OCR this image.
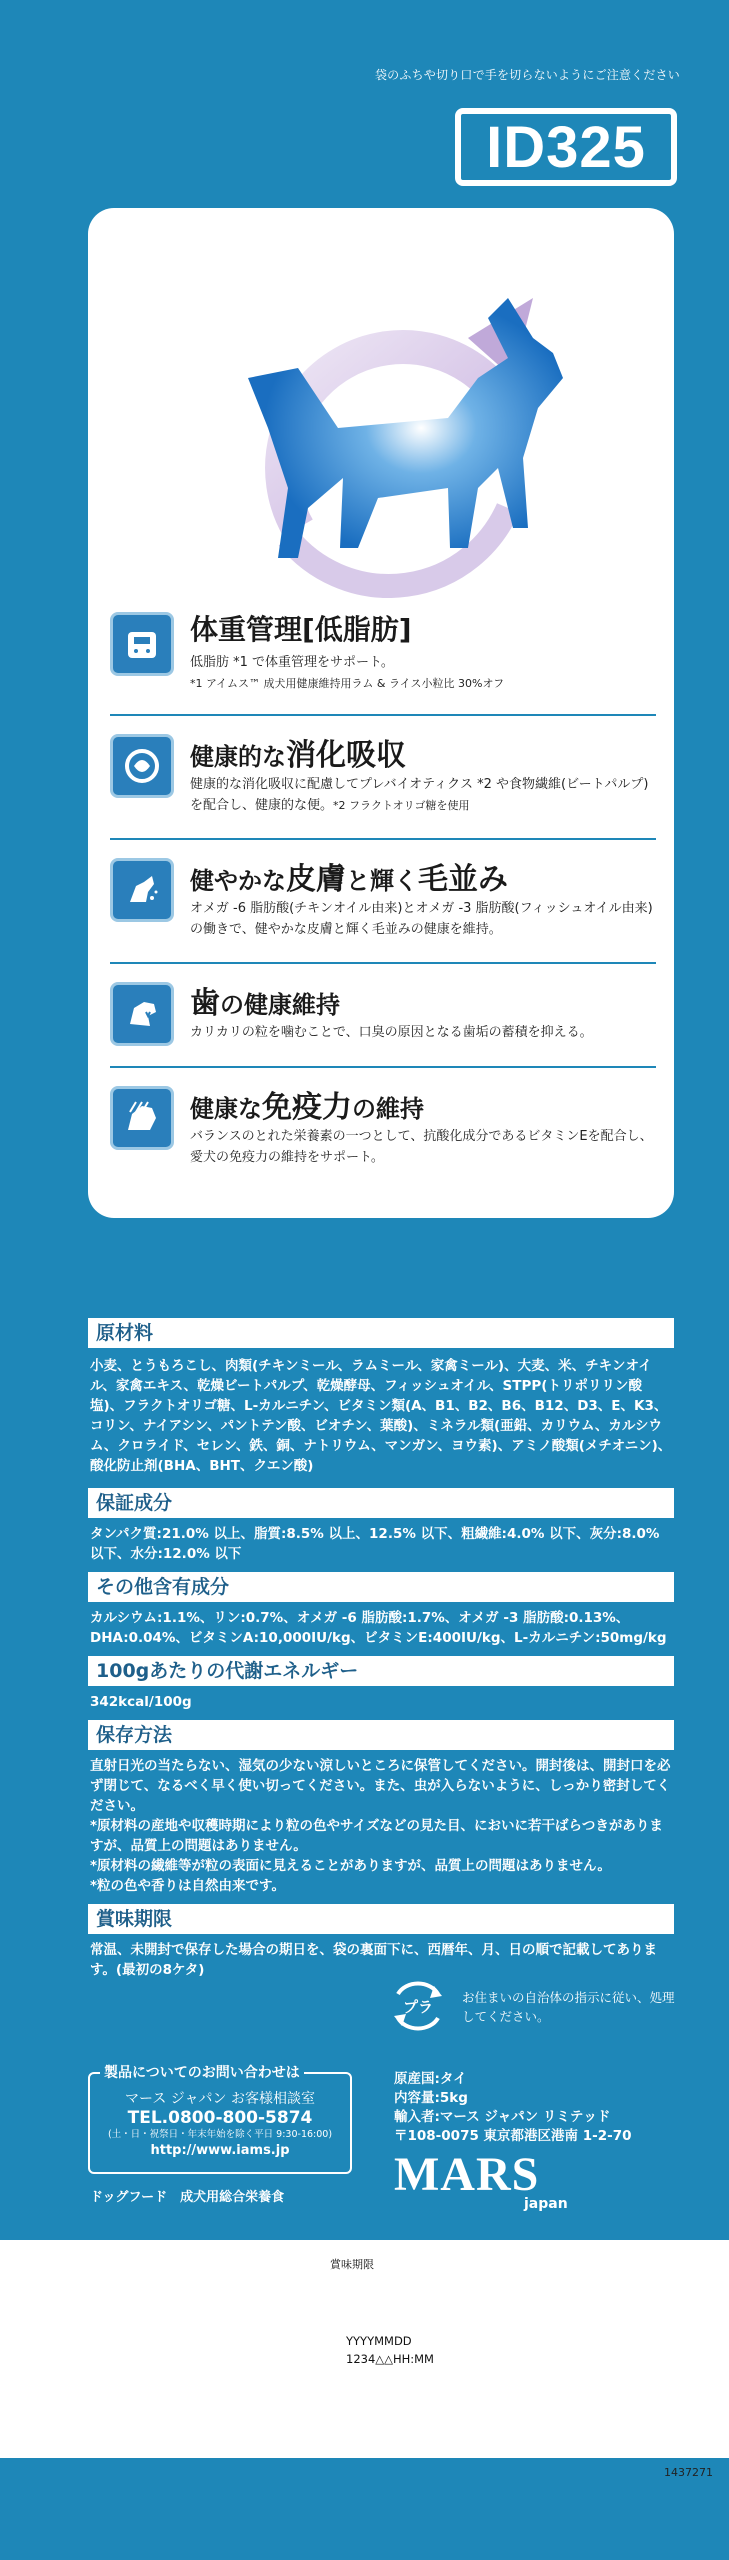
袋のふちや切り口で手を切らないようにご注意ください
ID325
体重管理[低脂肪]
低脂肪 *1 で体重管理をサポート。
*1 アイムス™ 成犬用健康維持用ラム & ライス小粒比 30%オフ
健康的な消化吸収
健康的な消化吸収に配慮してプレバイオティクス *2 や食物繊維(ビートパルプ)を配合し、健康的な便。*2 フラクトオリゴ糖を使用
健やかな皮膚と輝く毛並み
オメガ -6 脂肪酸(チキンオイル由来)とオメガ -3 脂肪酸(フィッシュオイル由来)の働きで、健やかな皮膚と輝く毛並みの健康を維持。
歯の健康維持
カリカリの粒を噛むことで、口臭の原因となる歯垢の蓄積を抑える。
健康な免疫力の維持
バランスのとれた栄養素の一つとして、抗酸化成分であるビタミンEを配合し、愛犬の免疫力の維持をサポート。
原材料
小麦、とうもろこし、肉類(チキンミール、ラムミール、家禽ミール)、大麦、米、チキンオイル、家禽エキス、乾燥ビートパルプ、乾燥酵母、フィッシュオイル、STPP(トリポリリン酸塩)、フラクトオリゴ糖、L-カルニチン、ビタミン類(A、B1、B2、B6、B12、D3、E、K3、コリン、ナイアシン、パントテン酸、ビオチン、葉酸)、ミネラル類(亜鉛、カリウム、カルシウム、クロライド、セレン、鉄、銅、ナトリウム、マンガン、ヨウ素)、アミノ酸類(メチオニン)、酸化防止剤(BHA、BHT、クエン酸)
保証成分
タンパク質:21.0% 以上、脂質:8.5% 以上、12.5% 以下、粗繊維:4.0% 以下、灰分:8.0% 以下、水分:12.0% 以下
その他含有成分
カルシウム:1.1%、リン:0.7%、オメガ -6 脂肪酸:1.7%、オメガ -3 脂肪酸:0.13%、DHA:0.04%、ビタミンA:10,000IU/kg、ビタミンE:400IU/kg、L-カルニチン:50mg/kg
100gあたりの代謝エネルギー
342kcal/100g
保存方法
直射日光の当たらない、湿気の少ない涼しいところに保管してください。開封後は、開封口を必ず閉じて、なるべく早く使い切ってください。また、虫が入らないように、しっかり密封してください。
*原材料の産地や収穫時期により粒の色やサイズなどの見た目、においに若干ばらつきがありますが、品質上の問題はありません。
*原材料の繊維等が粒の表面に見えることがありますが、品質上の問題はありません。
*粒の色や香りは自然由来です。
賞味期限
常温、未開封で保存した場合の期日を、袋の裏面下に、西暦年、月、日の順で記載してあります。(最初の8ケタ)
プラ
お住まいの自治体の指示に従い、処理してください。
マース ジャパン お客様相談室
TEL.0800-800-5874
(土・日・祝祭日・年末年始を除く平日 9:30-16:00)
http://www.iams.jp
製品についてのお問い合わせは
ドッグフード　成犬用総合栄養食
原産国:タイ
内容量:5kg
輸入者:マース ジャパン リミテッド
〒108-0075 東京都港区港南 1-2-70
MARS
japan
賞味期限
YYYYMMDD
1234△△HH:MM
1437271
